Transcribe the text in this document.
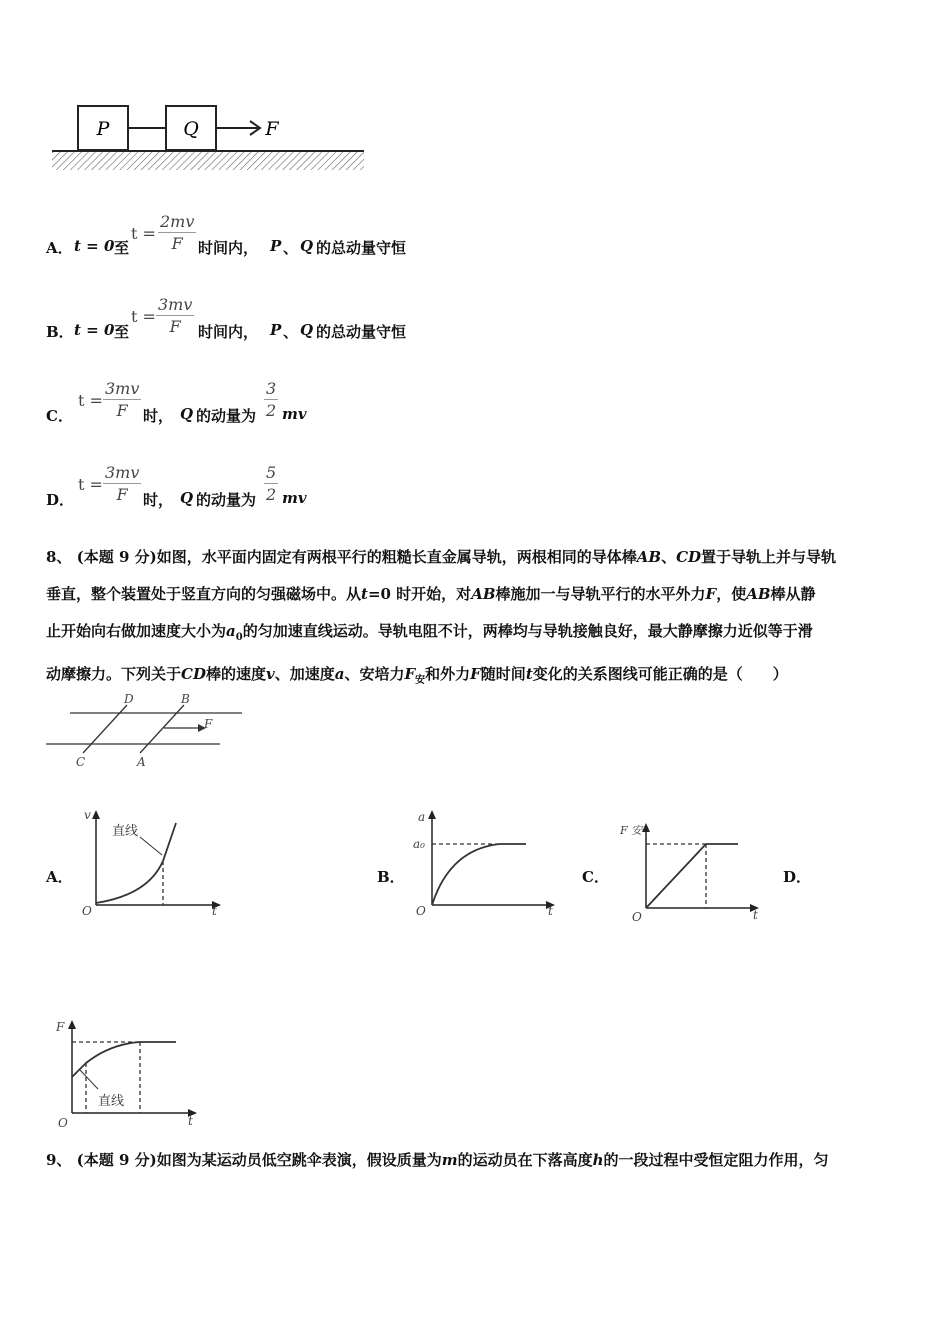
P	Q	F
A． t = 0 至
$t = \frac{2mv}{F}$ 时间内， P 、 Q 的总动量守恒
B． t = 0 至
$t = \frac{3mv}{F}$ 时间内， P 、 Q 的总动量守恒
C．
$t = \frac{3mv}{F}$ 时， Q 的动量为 $\frac{3}{2}$ mv
D．
$t = \frac{3mv}{F}$ 时， Q 的动量为 $\frac{5}{2}$ mv
8、 (本题 9 分)如图，水平面内固定有两根平行的粗糙长直金属导轨，两根相同的导体棒AB、CD置于导轨上并与导轨
垂直，整个装置处于竖直方向的匀强磁场中。从t=0 时开始，对AB棒施加一与导轨平行的水平外力F，使AB棒从静
止开始向右做加速度大小为$a_0$的匀加速直线运动。导轨电阻不计，两棒均与导轨接触良好，最大静摩擦力近似等于滑
动摩擦力。下列关于CD棒的速度v、加速度a、安培力$F_安$和外力F随时间t变化的关系图线可能正确的是（　　）
D	B
F
C	A
A．	B．	C．	D．
直线
v
t
O
a
a₀
t
O
F 安
t
O
直线
F
t
O
9、 (本题 9 分)如图为某运动员低空跳伞表演，假设质量为m的运动员在下落高度h的一段过程中受恒定阻力作用，匀
